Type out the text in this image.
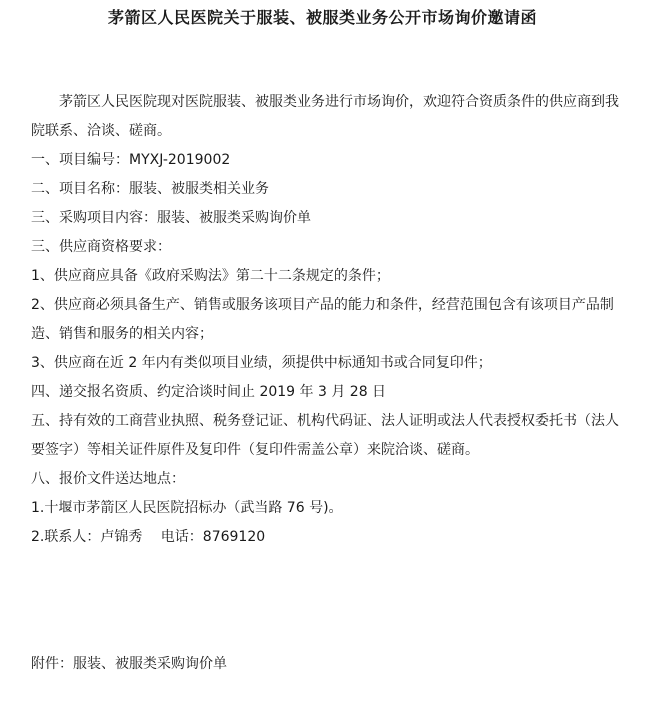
茅箭区人民医院关于服装、被服类业务公开市场询价邀请函

茅箭区人民医院现对医院服装、被服类业务进行市场询价，欢迎符合资质条件的供应商到我院联系、洽谈、磋商。

一、项目编号：MYXJ-2019002
二、项目名称：服装、被服类相关业务
三、采购项目内容：服装、被服类采购询价单
三、供应商资格要求：
1、供应商应具备《政府采购法》第二十二条规定的条件；
2、供应商必须具备生产、销售或服务该项目产品的能力和条件，经营范围包含有该项目产品制造、销售和服务的相关内容；
3、供应商在近 2 年内有类似项目业绩，须提供中标通知书或合同复印件；
四、递交报名资质、约定洽谈时间止 2019 年 3 月 28 日
五、持有效的工商营业执照、税务登记证、机构代码证、法人证明或法人代表授权委托书（法人要签字）等相关证件原件及复印件（复印件需盖公章）来院洽谈、磋商。
八、报价文件送达地点：
1.十堰市茅箭区人民医院招标办（武当路 76 号)。
2.联系人：卢锦秀　 电话：8769120
附件：服装、被服类采购询价单
